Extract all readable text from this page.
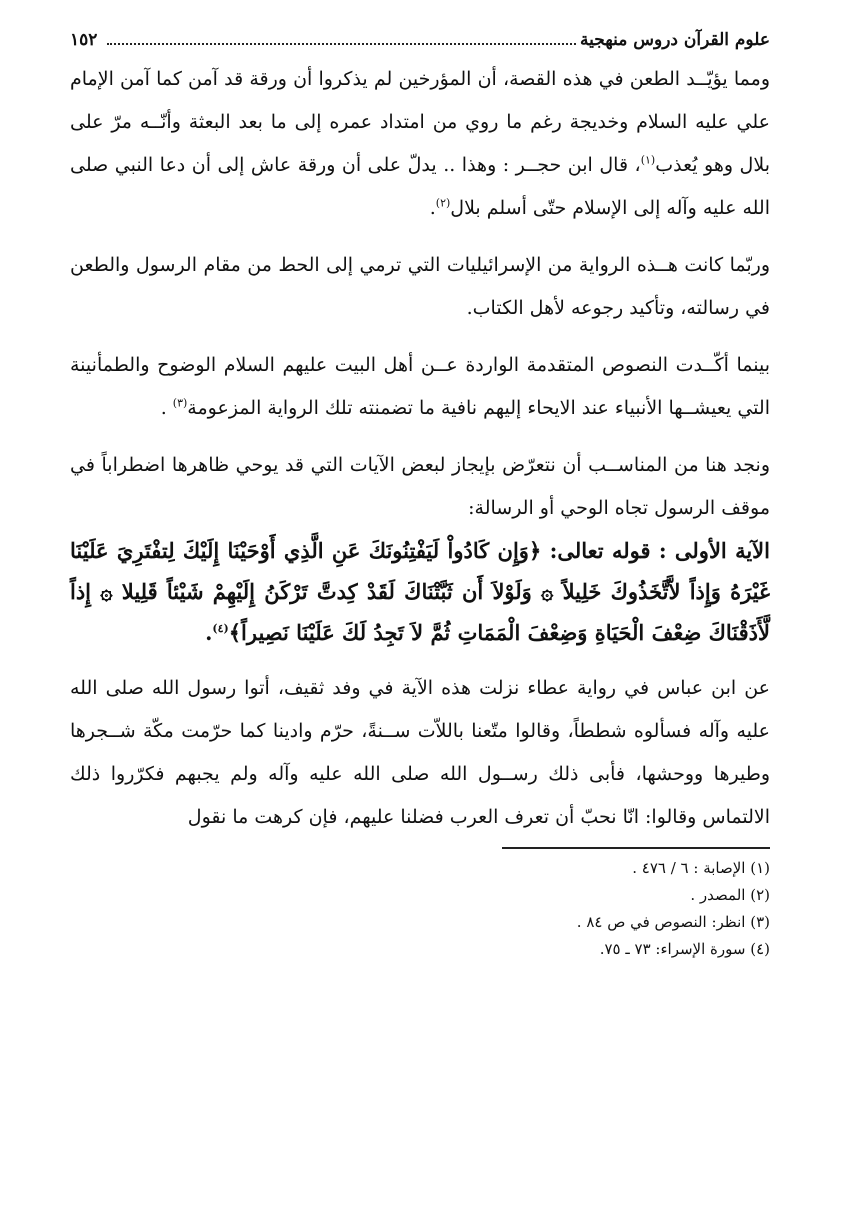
علوم القرآن دروس منهجية
١٥٢

ومما يؤيّــد الطعن في هذه القصة، أن المؤرخين لم يذكروا أن ورقة قد آمن كما آمن الإمام علي عليه السلام وخديجة رغم ما روي من امتداد عمره إلى ما بعد البعثة وأنّــه مرّ على بلال وهو يُعذب$^{(١)}$، قال ابن حجــر : وهذا .. يدلّ على أن ورقة عاش إلى أن دعا النبي صلى الله عليه وآله إلى الإسلام حتّى أسلم بلال$^{(٢)}$.

وربّما كانت هــذه الرواية من الإسرائيليات التي ترمي إلى الحط من مقام الرسول والطعن في رسالته، وتأكيد رجوعه لأهل الكتاب.

بينما أكّــدت النصوص المتقدمة الواردة عــن أهل البيت عليهم السلام الوضوح والطمأنينة التي يعيشــها الأنبياء عند الايحاء إليهم نافية ما تضمنته تلك الرواية المزعومة$^{(٣)}$ .

ونجد هنا من المناســب أن نتعرّض بإيجاز لبعض الآيات التي قد يوحي ظاهرها اضطراباً في موقف الرسول تجاه الوحي أو الرسالة:

الآية الأولى : قوله تعالى: ﴿وَإِن كَادُواْ لَيَفْتِنُونَكَ عَنِ الَّذِي أَوْحَيْنَا إِلَيْكَ لِتفْتَرِيَ عَلَيْنَا غَيْرَهُ وَإِذاً لاَّتَّخَذُوكَ خَلِيلاً ۞ وَلَوْلاَ أَن ثَبَّتْنَاكَ لَقَدْ كِدتَّ تَرْكَنُ إِلَيْهِمْ شَيْئاً قَلِيلا ۞ إِذاً لَّأَذَقْنَاكَ ضِعْفَ الْحَيَاةِ وَضِعْفَ الْمَمَاتِ ثُمَّ لاَ تَجِدُ لَكَ عَلَيْنَا نَصِيراً﴾$^{(٤)}$.

عن ابن عباس في رواية عطاء نزلت هذه الآية في وفد ثقيف، أتوا رسول الله صلى الله عليه وآله فسألوه شططاً، وقالوا متّعنا باللاّت ســنةً، حرّم وادينا كما حرّمت مكّة شــجرها وطيرها ووحشها، فأبى ذلك رســول الله صلى الله عليه وآله ولم يجبهم فكرّروا ذلك الالتماس وقالوا: انّا نحبّ أن تعرف العرب فضلنا عليهم، فإن كرهت ما نقول

(١) الإصابة : ٦ / ٤٧٦ .

(٢) المصدر .

(٣) انظر: النصوص في ص ٨٤ .

(٤) سورة الإسراء: ٧٣ ـ ٧٥.
